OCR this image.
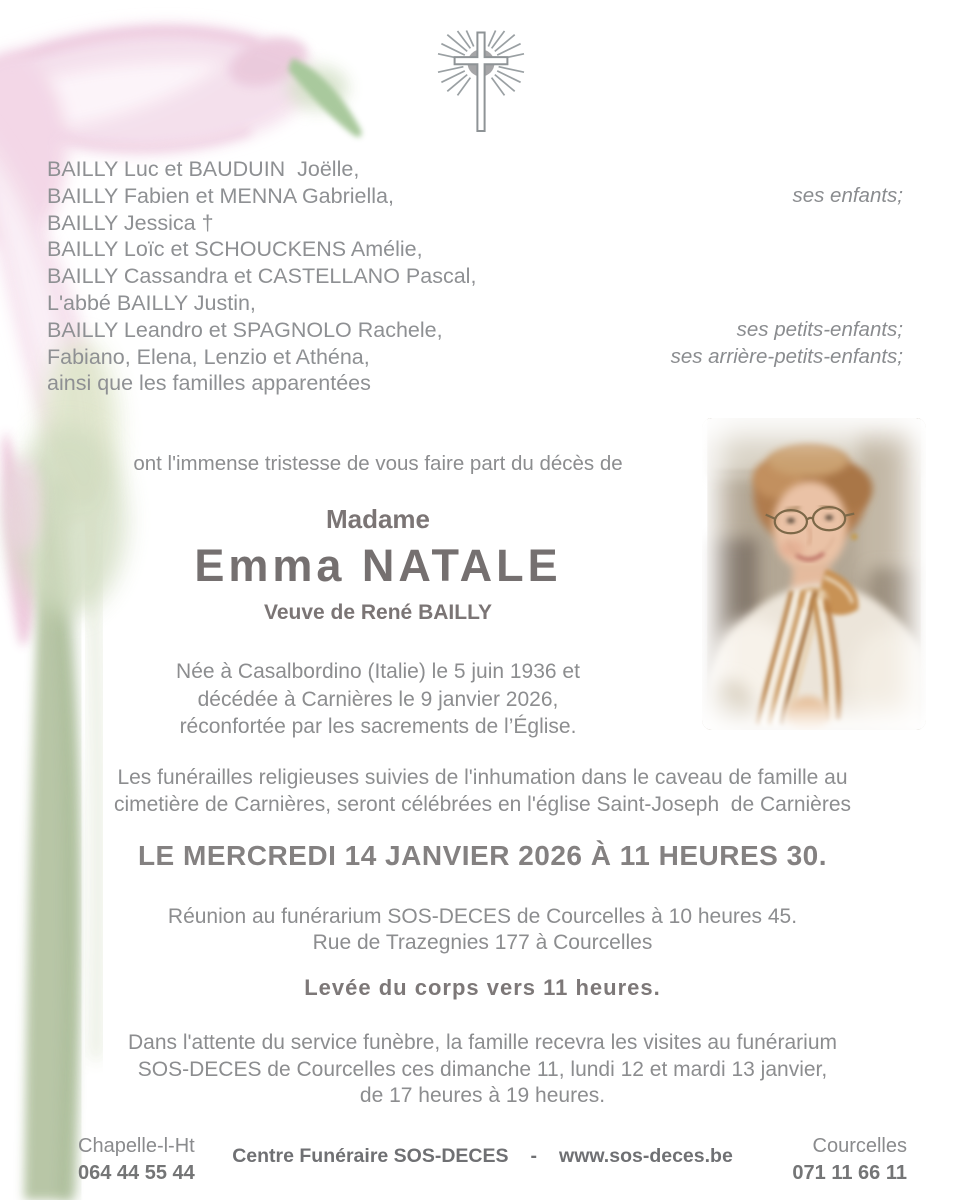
BAILLY Luc et BAUDUIN  Joëlle,
BAILLY Fabien et MENNA Gabriella,	ses enfants;
BAILLY Jessica †
BAILLY Loïc et SCHOUCKENS Amélie,
BAILLY Cassandra et CASTELLANO Pascal,
L'abbé BAILLY Justin,
BAILLY Leandro et SPAGNOLO Rachele,	ses petits-enfants;
Fabiano, Elena, Lenzio et Athéna,	ses arrière-petits-enfants;
ainsi que les familles apparentées
ont l'immense tristesse de vous faire part du décès de
Madame
Emma NATALE
Veuve de René BAILLY
Née à Casalbordino (Italie) le 5 juin 1936 et
décédée à Carnières le 9 janvier 2026,
réconfortée par les sacrements de l’Église.
Les funérailles religieuses suivies de l'inhumation dans le caveau de famille au
cimetière de Carnières, seront célébrées en l'église Saint-Joseph  de Carnières
LE MERCREDI 14 JANVIER 2026 À 11 HEURES 30.
Réunion au funérarium SOS-DECES de Courcelles à 10 heures 45.
Rue de Trazegnies 177 à Courcelles
Levée du corps vers 11 heures.
Dans l'attente du service funèbre, la famille recevra les visites au funérarium
SOS-DECES de Courcelles ces dimanche 11, lundi 12 et mardi 13 janvier,
de 17 heures à 19 heures.
Chapelle-l-Ht
064 44 55 44
Centre Funéraire SOS-DECES - www.sos-deces.be	Courcelles
071 11 66 11
